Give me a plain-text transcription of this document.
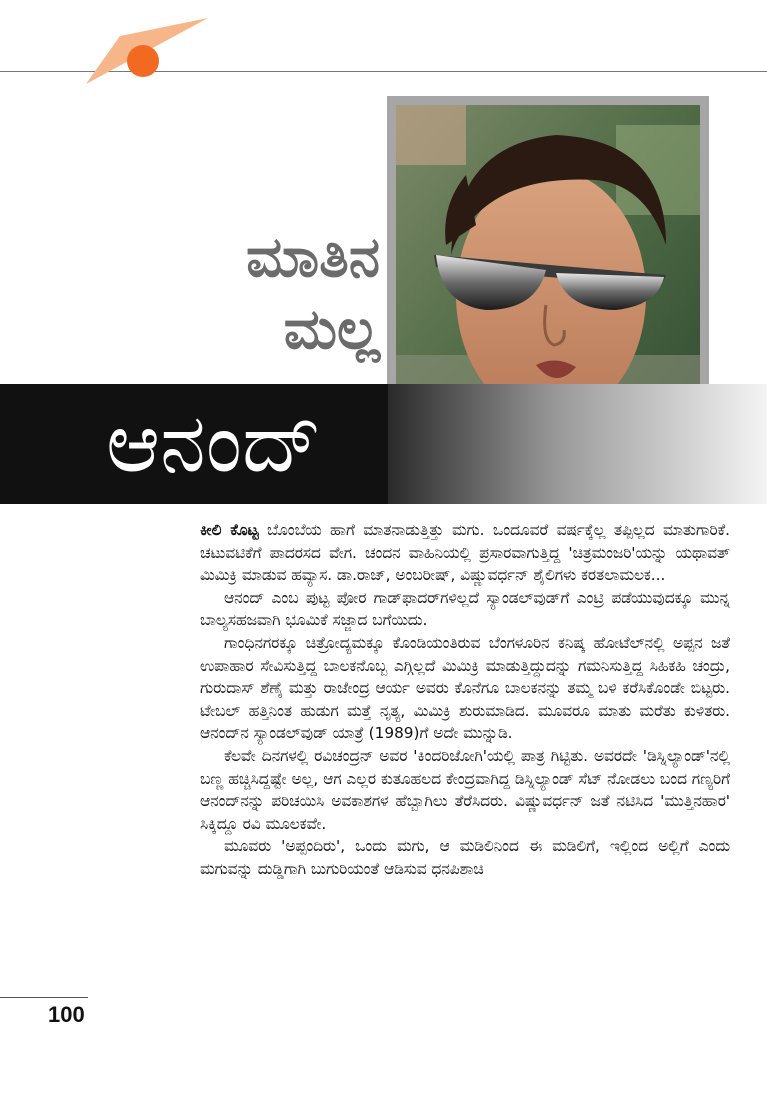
ಮಾತಿನ
ಮಲ್ಲ
ಆನಂದ್

ಕೀಲಿ ಕೊಟ್ಟ ಬೊಂಬೆಯ ಹಾಗೆ ಮಾತನಾಡುತ್ತಿತ್ತು ಮಗು. ಒಂದೂವರೆ ವರ್ಷಕ್ಕೆಲ್ಲ ತಪ್ಪಿಲ್ಲದ ಮಾತುಗಾರಿಕೆ. ಚಟುವಟಿಕೆಗೆ ಪಾದರಸದ ವೇಗ. ಚಂದನ ವಾಹಿನಿಯಲ್ಲಿ ಪ್ರಸಾರವಾಗುತ್ತಿದ್ದ 'ಚಿತ್ರಮಂಜರಿ'ಯನ್ನು ಯಥಾವತ್ ಮಿಮಿಕ್ರಿ ಮಾಡುವ ಹವ್ಯಾಸ. ಡಾ.ರಾಜ್, ಅಂಬರೀಷ್, ವಿಷ್ಣುವರ್ಧನ್ ಶೈಲಿಗಳು ಕರತಲಾಮಲಕ...

ಆನಂದ್ ಎಂಬ ಪುಟ್ಟ ಪೋರ ಗಾಡ್‌ಫಾದರ್‌ಗಳಿಲ್ಲದೆ ಸ್ಯಾಂಡಲ್‌ವುಡ್‌ಗೆ ಎಂಟ್ರಿ ಪಡೆಯುವುದಕ್ಕೂ ಮುನ್ನ ಬಾಲ್ಯಸಹಜವಾಗಿ ಭೂಮಿಕೆ ಸಜ್ಜಾದ ಬಗೆಯಿದು.

ಗಾಂಧಿನಗರಕ್ಕೂ ಚಿತ್ರೋದ್ಯಮಕ್ಕೂ ಕೊಂಡಿಯಂತಿರುವ ಬೆಂಗಳೂರಿನ ಕನಿಷ್ಕ ಹೋಟೆಲ್‌ನಲ್ಲಿ ಅಪ್ಪನ ಜತೆ ಉಪಾಹಾರ ಸೇವಿಸುತ್ತಿದ್ದ ಬಾಲಕನೊಬ್ಬ ಎಗ್ಗಿಲ್ಲದೆ ಮಿಮಿಕ್ರಿ ಮಾಡುತ್ತಿದ್ದುದನ್ನು ಗಮನಿಸುತ್ತಿದ್ದ ಸಿಹಿಕಹಿ ಚಂದ್ರು, ಗುರುದಾಸ್ ಶೆಣೈ ಮತ್ತು ರಾಜೇಂದ್ರ ಆರ್ಯ ಅವರು ಕೊನೆಗೂ ಬಾಲಕನನ್ನು ತಮ್ಮ ಬಳಿ ಕರೆಸಿಕೊಂಡೇ ಬಿಟ್ಟರು. ಟೇಬಲ್ ಹತ್ತಿನಿಂತ ಹುಡುಗ ಮತ್ತೆ ನೃತ್ಯ, ಮಿಮಿಕ್ರಿ ಶುರುಮಾಡಿದ. ಮೂವರೂ ಮಾತು ಮರೆತು ಕುಳಿತರು. ಆನಂದ್‌ನ ಸ್ಯಾಂಡಲ್‌ವುಡ್ ಯಾತ್ರೆ (1989)ಗೆ ಅದೇ ಮುನ್ನುಡಿ.

ಕೆಲವೇ ದಿನಗಳಲ್ಲಿ ರವಿಚಂದ್ರನ್ ಅವರ 'ಕಿಂದರಿಜೋಗಿ'ಯಲ್ಲಿ ಪಾತ್ರ ಗಿಟ್ಟಿತು. ಅವರದೇ 'ಡಿಸ್ನಿಲ್ಯಾಂಡ್'ನಲ್ಲಿ ಬಣ್ಣ ಹಚ್ಚಿಸಿದ್ದಷ್ಟೇ ಅಲ್ಲ, ಆಗ ಎಲ್ಲರ ಕುತೂಹಲದ ಕೇಂದ್ರವಾಗಿದ್ದ ಡಿಸ್ನಿಲ್ಯಾಂಡ್ ಸೆಟ್ ನೋಡಲು ಬಂದ ಗಣ್ಯರಿಗೆ ಆನಂದ್‌ನನ್ನು ಪರಿಚಯಿಸಿ ಅವಕಾಶಗಳ ಹೆಬ್ಬಾಗಿಲು ತೆರೆಸಿದರು. ವಿಷ್ಣುವರ್ಧನ್ ಜತೆ ನಟಿಸಿದ 'ಮುತ್ತಿನಹಾರ' ಸಿಕ್ಕಿದ್ದೂ ರವಿ ಮೂಲಕವೇ.

ಮೂವರು 'ಅಪ್ಪಂದಿರು', ಒಂದು ಮಗು, ಆ ಮಡಿಲಿನಿಂದ ಈ ಮಡಿಲಿಗೆ, ಇಲ್ಲಿಂದ ಅಲ್ಲಿಗೆ ಎಂದು ಮಗುವನ್ನು ದುಡ್ಡಿಗಾಗಿ ಬುಗುರಿಯಂತೆ ಆಡಿಸುವ ಧನಪಿಶಾಚಿ

100
